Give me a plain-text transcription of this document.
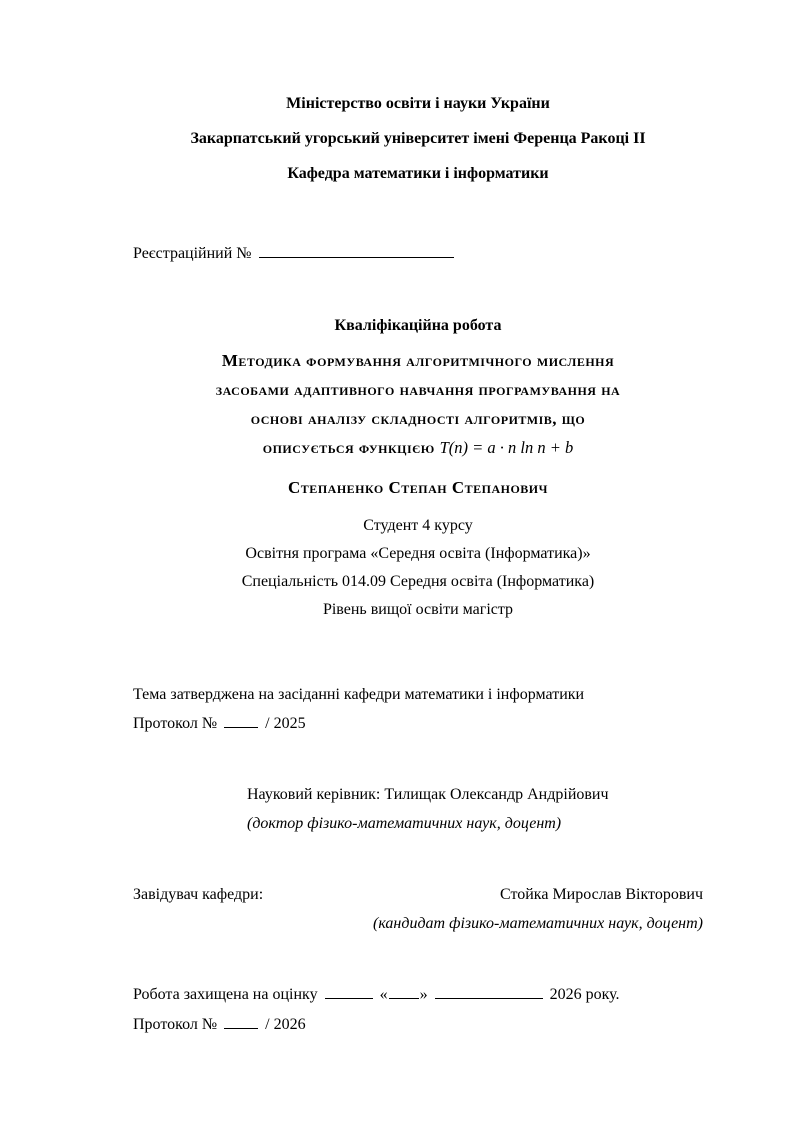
Міністерство освіти і науки України
Закарпатський угорський університет імені Ференца Ракоці II
Кафедра математики і інформатики
Реєстраційний №
Кваліфікаційна робота
Методика формування алгоритмічного мислення
засобами адаптивного навчання програмування на
основі аналізу складності алгоритмів, що
описується функцією T(n) = a · n ln n + b
Степаненко Степан Степанович
Студент 4 курсу
Освітня програма «Середня освіта (Інформатика)»
Спеціальність 014.09 Середня освіта (Інформатика)
Рівень вищої освіти магістр
Тема затверджена на засіданні кафедри математики і інформатики
Протокол №	/ 2025
Науковий керівник: Тилищак Олександр Андрійович
(доктор фізико-математичних наук, доцент)
Завідувач кафедри:	Стойка Мирослав Вікторович
(кандидат фізико-математичних наук, доцент)
Робота захищена на оцінку	« »	2026 року.
Протокол №	/ 2026
